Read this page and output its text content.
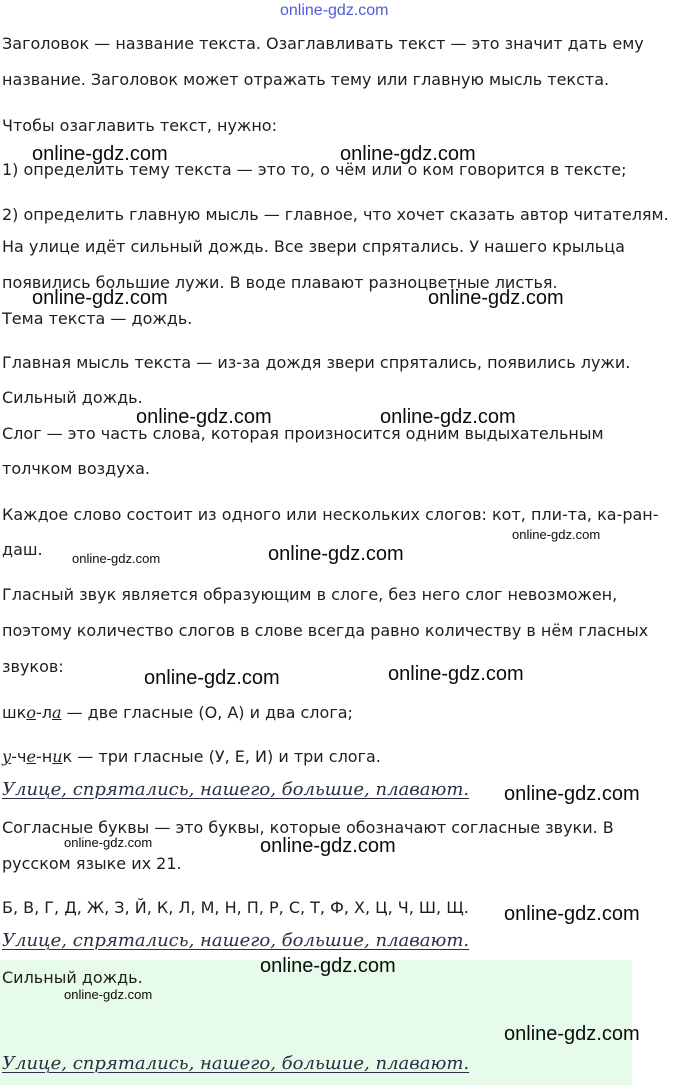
online-gdz.com

Заголовок — название текста. Озаглавливать текст — это значит дать ему

название. Заголовок может отражать тему или главную мысль текста.

Чтобы озаглавить текст, нужно:

1) определить тему текста — это то, о чём или о ком говорится в тексте;

2) определить главную мысль — главное, что хочет сказать автор читателям.

На улице идёт сильный дождь. Все звери спрятались. У нашего крыльца

появились большие лужи. В воде плавают разноцветные листья.

Тема текста — дождь.

Главная мысль текста — из-за дождя звери спрятались, появились лужи.

Сильный дождь.

Слог — это часть слова, которая произносится одним выдыхательным

толчком воздуха.

Каждое слово состоит из одного или нескольких слогов: кот, пли-та, ка-ран-

даш.

Гласный звук является образующим в слоге, без него слог невозможен,

поэтому количество слогов в слове всегда равно количеству в нём гласных

звуков:

шко-ла — две гласные (О, А) и два слога;

у-че-ник — три гласные (У, Е, И) и три слога.

Улице, спрятались, нашего, большие, плавают.

Согласные буквы — это буквы, которые обозначают согласные звуки. В

русском языке их 21.

Б, В, Г, Д, Ж, З, Й, К, Л, М, Н, П, Р, С, Т, Ф, Х, Ц, Ч, Ш, Щ.

Улице, спрятались, нашего, большие, плавают.

Сильный дождь.

Улице, спрятались, нашего, большие, плавают.
online-gdz.com	online-gdz.com
online-gdz.com	online-gdz.com
online-gdz.com	online-gdz.com
online-gdz.com
online-gdz.com	online-gdz.com
online-gdz.com	online-gdz.com
online-gdz.com
online-gdz.com	online-gdz.com
online-gdz.com
online-gdz.com
online-gdz.com
online-gdz.com
